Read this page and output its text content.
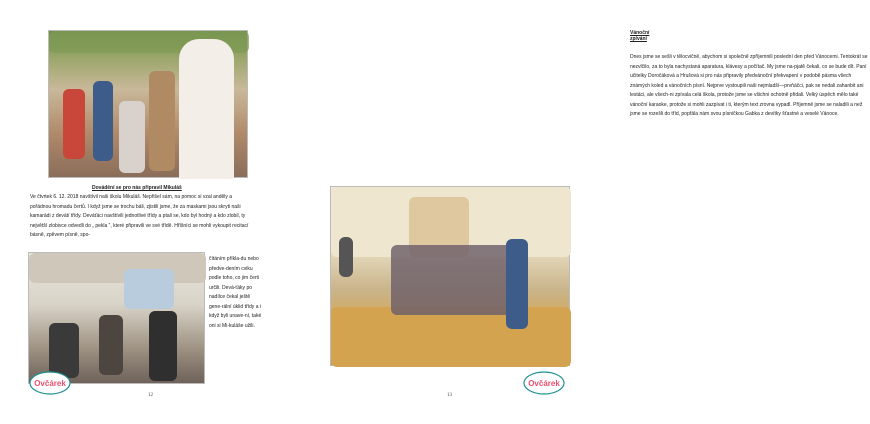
Dovádění se pro nás připravil Mikuláš

Ve čtvrtek 6. 12. 2018 navštívil naši školu Mikuláš. Nepřišel sám, na pomoc si vzal anděly a pořádnou hromadu čertů. I když jsme se trochu báli, zjistili jsme, že za maskami jsou skryti naši kamarádi z devátí třídy. Deváťáci navštívili jednotlivé třídy a ptali se, kdo byl hodný a kdo zlobil, ty největší zlobivce odvedli do „ pekla “, které připravili ve své třídě. Hříšníci se mohli vykoupit recitací básně, zpěvem písně, spo-

čítáním příkla-du nebo předve-dením cviku podle toho, co jim čerti určili. Devá-ťáky po nadílce čekal ještě gene-rální úklid třídy a i když byli unave-ní, také oni si Mi-kuláše užili.

Ovčárek
12
Vánoční zpívání

Dnes jsme se sešli v tělocvičně, abychom si společně zpříjemnili poslední den před Vánocemi. Tentokrát se nezvlčilo, za to byla nachystaná aparatura, klávesy a počítač. My jsme na-pjatě čekali, co se bude dít. Paní učitelky Doročáková a Hrušová si pro nás připravily předvánoční překvapení v podobě pásma všech známých koled a vánočních písní. Nejprve vystoupili naši nejmladší—prvňáčci, pak se nedali zahanbit ani lestáci, ale všech-ni zpívala celá škola, protože jsme se všichni ochotně přidali. Velký úspěch mělo také vánoční karaoke, protože si mohli zazpívat i ti, kterým text zrovna vypadl. Příjemně jsme se naladili a než jsme se rozešli do tříd, popřála nám svou písničkou Gabka z devítky šťastné a veselé Vánoce.

Ovčárek
13
